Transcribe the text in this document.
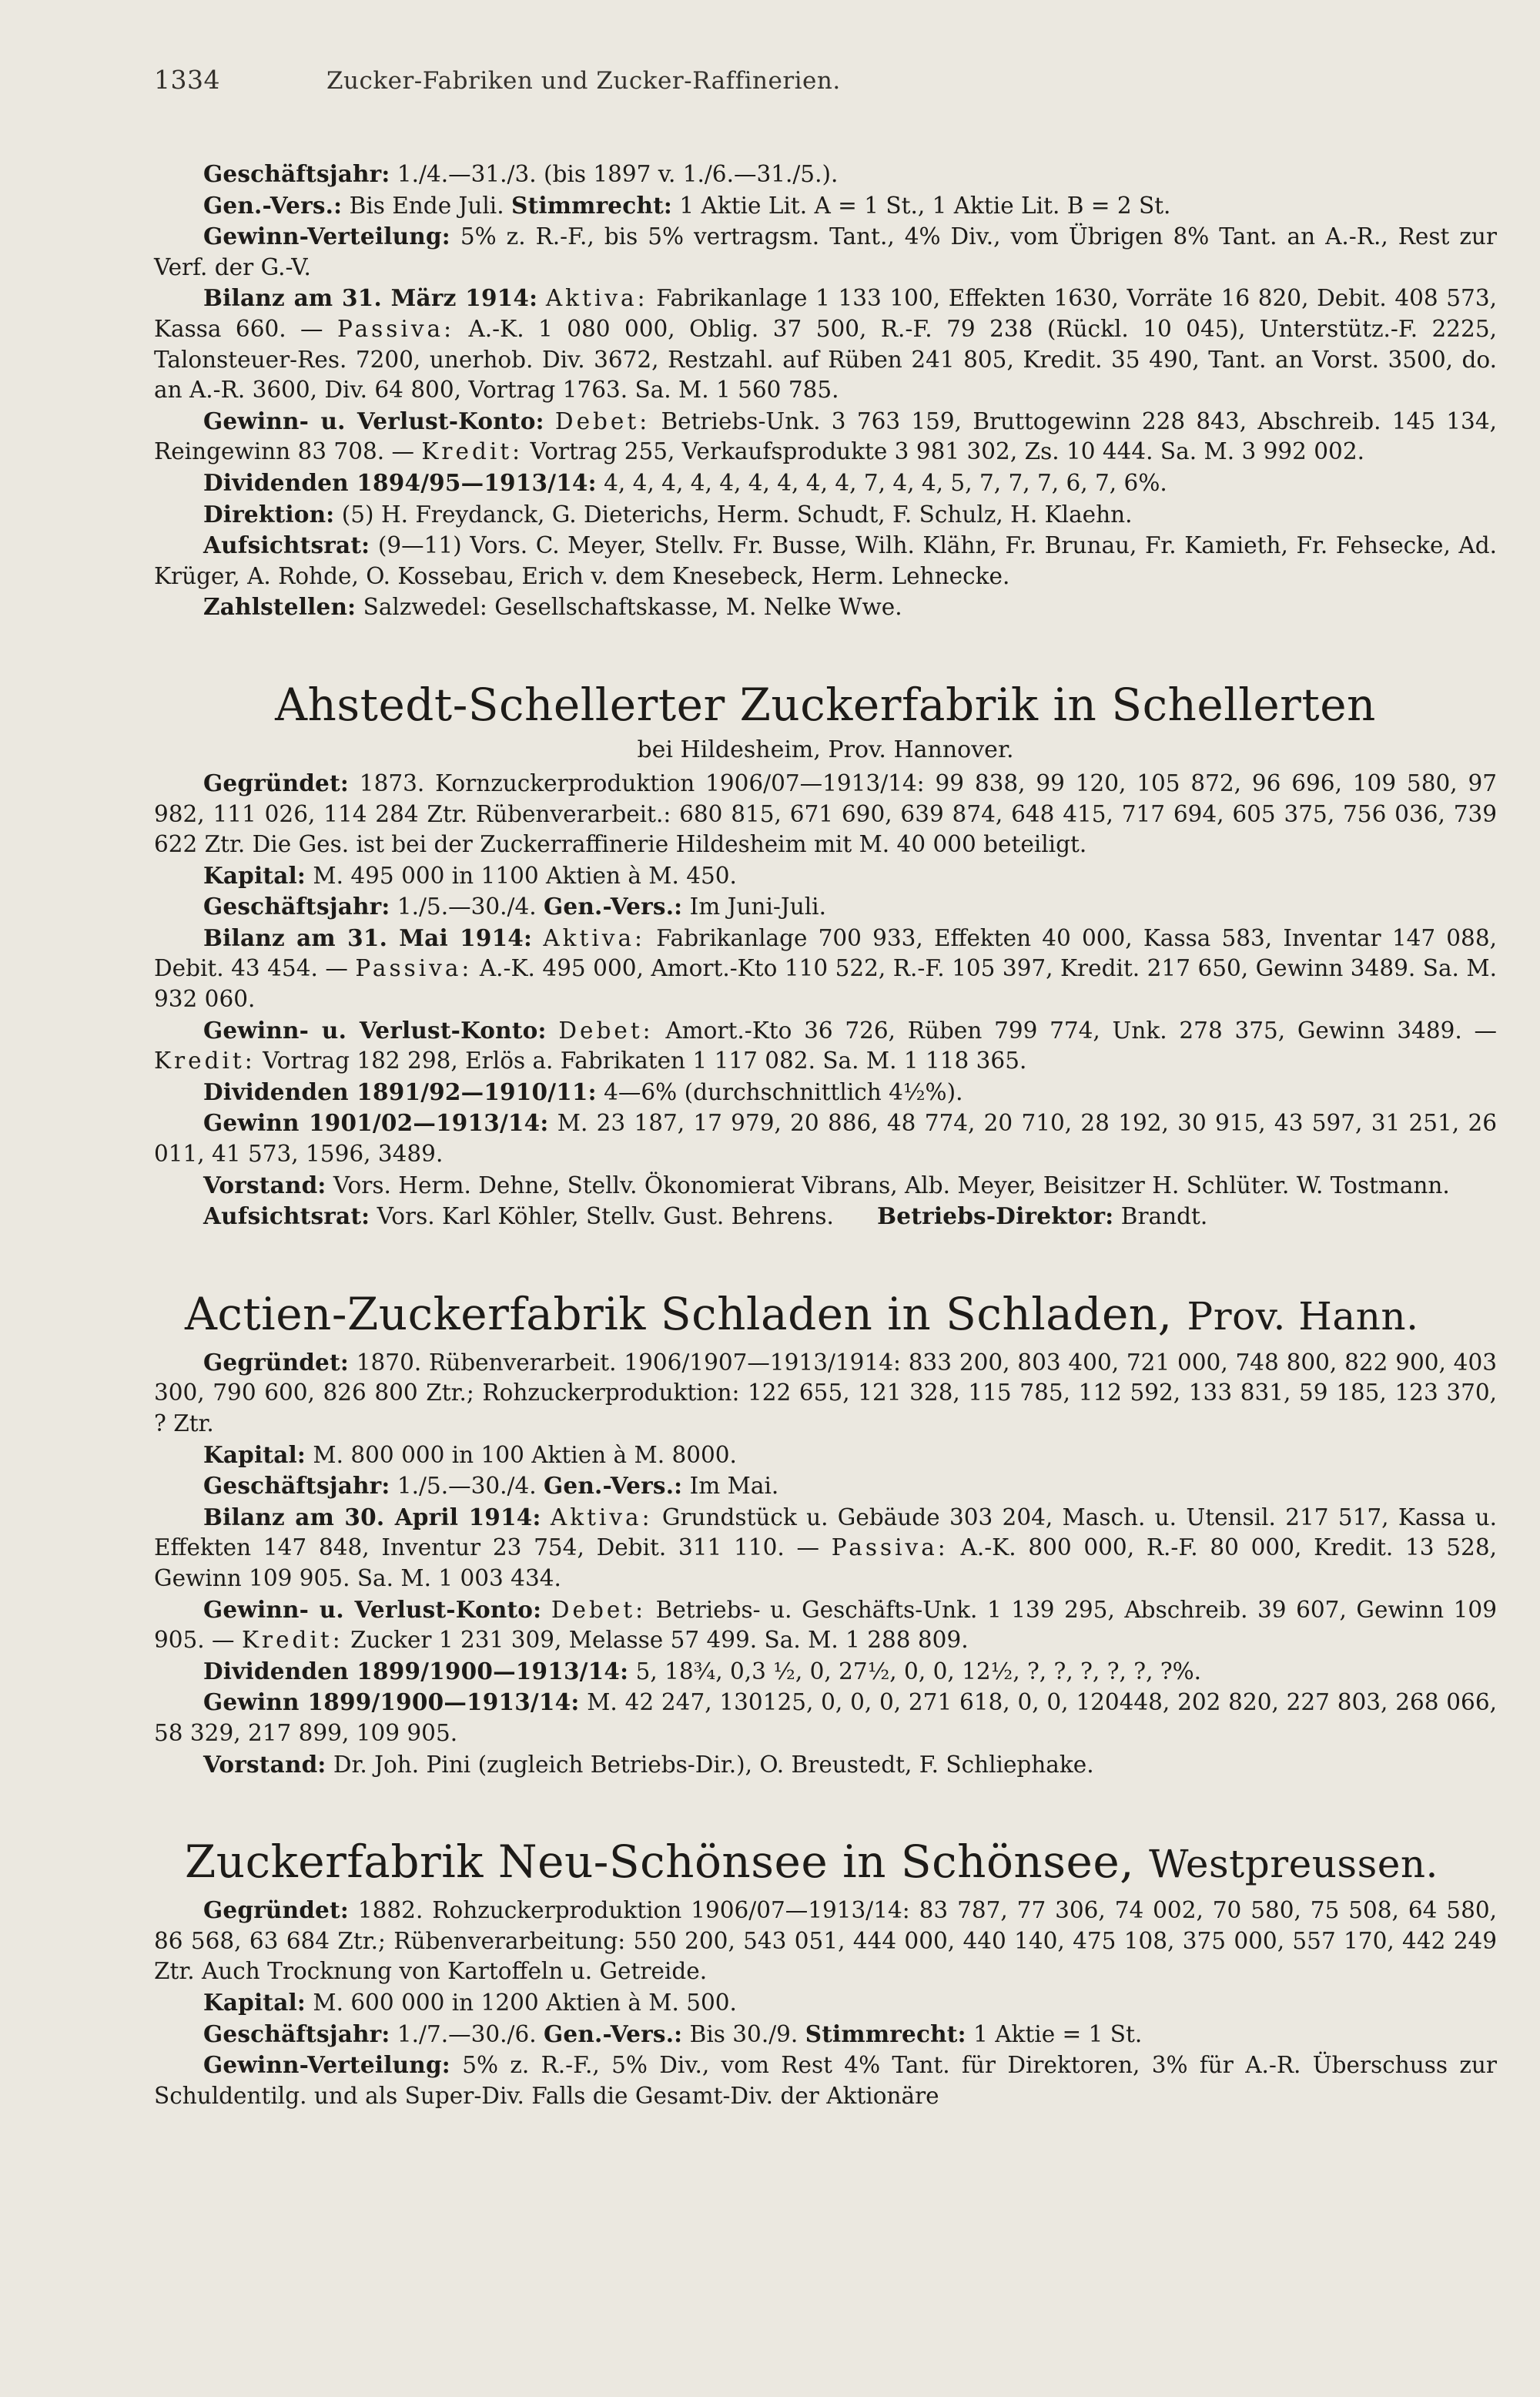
1334	Zucker-Fabriken und Zucker-Raffinerien.

Geschäftsjahr: 1./4.—31./3. (bis 1897 v. 1./6.—31./5.).

Gen.-Vers.: Bis Ende Juli. Stimmrecht: 1 Aktie Lit. A = 1 St., 1 Aktie Lit. B = 2 St.

Gewinn-Verteilung: 5% z. R.-F., bis 5% vertragsm. Tant., 4% Div., vom Übrigen 8% Tant. an A.-R., Rest zur Verf. der G.-V.

Bilanz am 31. März 1914: Aktiva: Fabrikanlage 1 133 100, Effekten 1630, Vorräte 16 820, Debit. 408 573, Kassa 660. — Passiva: A.-K. 1 080 000, Oblig. 37 500, R.-F. 79 238 (Rückl. 10 045), Unterstütz.-F. 2225, Talonsteuer-Res. 7200, unerhob. Div. 3672, Restzahl. auf Rüben 241 805, Kredit. 35 490, Tant. an Vorst. 3500, do. an A.-R. 3600, Div. 64 800, Vortrag 1763. Sa. M. 1 560 785.

Gewinn- u. Verlust-Konto: Debet: Betriebs-Unk. 3 763 159, Bruttogewinn 228 843, Abschreib. 145 134, Reingewinn 83 708. — Kredit: Vortrag 255, Verkaufsprodukte 3 981 302, Zs. 10 444. Sa. M. 3 992 002.

Dividenden 1894/95—1913/14: 4, 4, 4, 4, 4, 4, 4, 4, 4, 7, 4, 4, 5, 7, 7, 7, 6, 7, 6%.

Direktion: (5) H. Freydanck, G. Dieterichs, Herm. Schudt, F. Schulz, H. Klaehn.

Aufsichtsrat: (9—11) Vors. C. Meyer, Stellv. Fr. Busse, Wilh. Klähn, Fr. Brunau, Fr. Kamieth, Fr. Fehsecke, Ad. Krüger, A. Rohde, O. Kossebau, Erich v. dem Knesebeck, Herm. Lehnecke.

Zahlstellen: Salzwedel: Gesellschaftskasse, M. Nelke Wwe.

Ahstedt-Schellerter Zuckerfabrik in Schellerten
bei Hildesheim, Prov. Hannover.

Gegründet: 1873. Kornzuckerproduktion 1906/07—1913/14: 99 838, 99 120, 105 872, 96 696, 109 580, 97 982, 111 026, 114 284 Ztr. Rübenverarbeit.: 680 815, 671 690, 639 874, 648 415, 717 694, 605 375, 756 036, 739 622 Ztr. Die Ges. ist bei der Zuckerraffinerie Hildesheim mit M. 40 000 beteiligt.

Kapital: M. 495 000 in 1100 Aktien à M. 450.

Geschäftsjahr: 1./5.—30./4. Gen.-Vers.: Im Juni-Juli.

Bilanz am 31. Mai 1914: Aktiva: Fabrikanlage 700 933, Effekten 40 000, Kassa 583, Inventar 147 088, Debit. 43 454. — Passiva: A.-K. 495 000, Amort.-Kto 110 522, R.-F. 105 397, Kredit. 217 650, Gewinn 3489. Sa. M. 932 060.

Gewinn- u. Verlust-Konto: Debet: Amort.-Kto 36 726, Rüben 799 774, Unk. 278 375, Gewinn 3489. — Kredit: Vortrag 182 298, Erlös a. Fabrikaten 1 117 082. Sa. M. 1 118 365.

Dividenden 1891/92—1910/11: 4—6% (durchschnittlich 4½%).

Gewinn 1901/02—1913/14: M. 23 187, 17 979, 20 886, 48 774, 20 710, 28 192, 30 915, 43 597, 31 251, 26 011, 41 573, 1596, 3489.

Vorstand: Vors. Herm. Dehne, Stellv. Ökonomierat Vibrans, Alb. Meyer, Beisitzer H. Schlüter. W. Tostmann.

Aufsichtsrat: Vors. Karl Köhler, Stellv. Gust. Behrens. Betriebs-Direktor: Brandt.

Actien-Zuckerfabrik Schladen in Schladen, Prov. Hann.

Gegründet: 1870. Rübenverarbeit. 1906/1907—1913/1914: 833 200, 803 400, 721 000, 748 800, 822 900, 403 300, 790 600, 826 800 Ztr.; Rohzuckerproduktion: 122 655, 121 328, 115 785, 112 592, 133 831, 59 185, 123 370, ? Ztr.

Kapital: M. 800 000 in 100 Aktien à M. 8000.

Geschäftsjahr: 1./5.—30./4. Gen.-Vers.: Im Mai.

Bilanz am 30. April 1914: Aktiva: Grundstück u. Gebäude 303 204, Masch. u. Utensil. 217 517, Kassa u. Effekten 147 848, Inventur 23 754, Debit. 311 110. — Passiva: A.-K. 800 000, R.-F. 80 000, Kredit. 13 528, Gewinn 109 905. Sa. M. 1 003 434.

Gewinn- u. Verlust-Konto: Debet: Betriebs- u. Geschäfts-Unk. 1 139 295, Abschreib. 39 607, Gewinn 109 905. — Kredit: Zucker 1 231 309, Melasse 57 499. Sa. M. 1 288 809.

Dividenden 1899/1900—1913/14: 5, 18¾, 0,3 ½, 0, 27½, 0, 0, 12½, ?, ?, ?, ?, ?, ?%.

Gewinn 1899/1900—1913/14: M. 42 247, 130125, 0, 0, 0, 271 618, 0, 0, 120448, 202 820, 227 803, 268 066, 58 329, 217 899, 109 905.

Vorstand: Dr. Joh. Pini (zugleich Betriebs-Dir.), O. Breustedt, F. Schliephake.

Zuckerfabrik Neu-Schönsee in Schönsee, Westpreussen.

Gegründet: 1882. Rohzuckerproduktion 1906/07—1913/14: 83 787, 77 306, 74 002, 70 580, 75 508, 64 580, 86 568, 63 684 Ztr.; Rübenverarbeitung: 550 200, 543 051, 444 000, 440 140, 475 108, 375 000, 557 170, 442 249 Ztr. Auch Trocknung von Kartoffeln u. Getreide.

Kapital: M. 600 000 in 1200 Aktien à M. 500.

Geschäftsjahr: 1./7.—30./6. Gen.-Vers.: Bis 30./9. Stimmrecht: 1 Aktie = 1 St.

Gewinn-Verteilung: 5% z. R.-F., 5% Div., vom Rest 4% Tant. für Direktoren, 3% für A.-R. Überschuss zur Schuldentilg. und als Super-Div. Falls die Gesamt-Div. der Aktionäre
